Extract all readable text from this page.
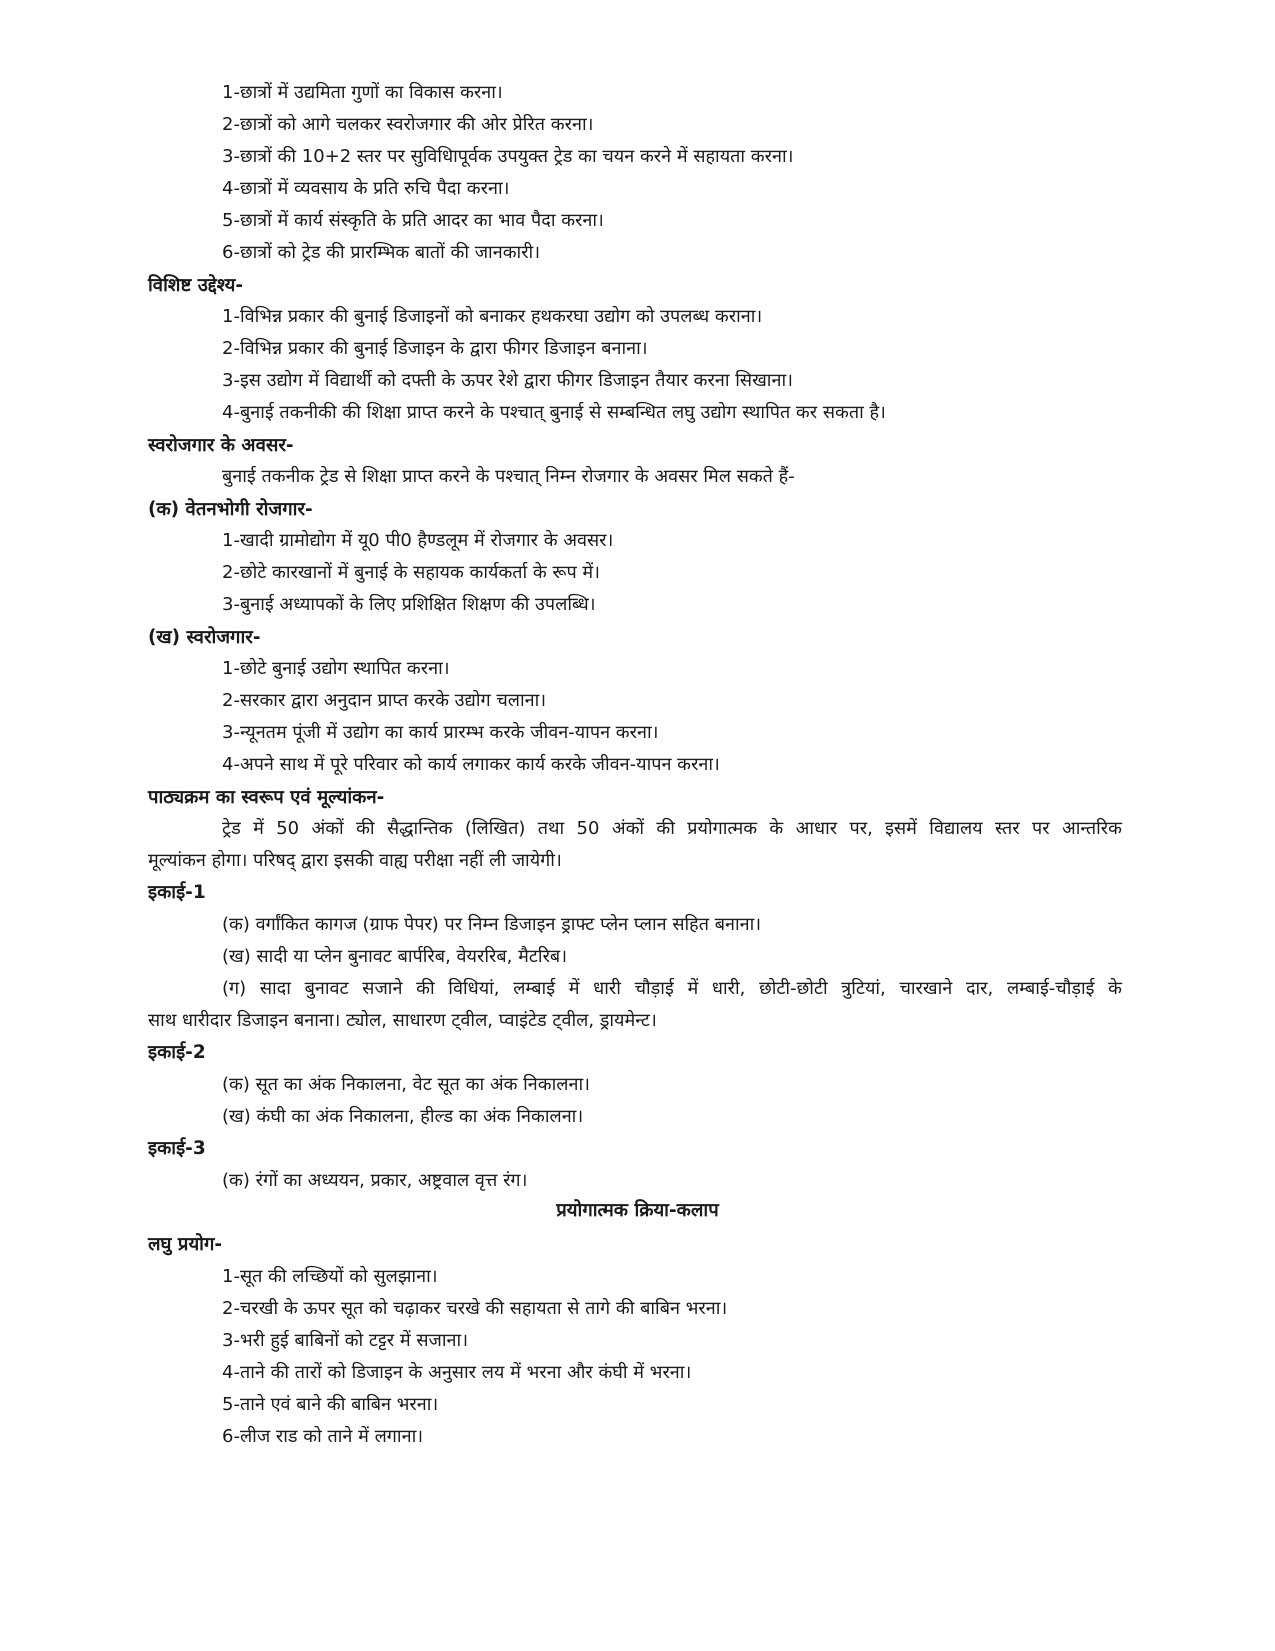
1-छात्रों में उद्यमिता गुणों का विकास करना।
2-छात्रों को आगे चलकर स्वरोजगार की ओर प्रेरित करना।
3-छात्रों की 10+2 स्तर पर सुविधिापूर्वक उपयुक्त ट्रेड का चयन करने में सहायता करना।
4-छात्रों में व्यवसाय के प्रति रुचि पैदा करना।
5-छात्रों में कार्य संस्कृति के प्रति आदर का भाव पैदा करना।
6-छात्रों को ट्रेड की प्रारम्भिक बातों की जानकारी।
विशिष्ट उद्देश्य-
1-विभिन्न प्रकार की बुनाई डिजाइनों को बनाकर हथकरघा उद्योग को उपलब्ध कराना।
2-विभिन्न प्रकार की बुनाई डिजाइन के द्वारा फीगर डिजाइन बनाना।
3-इस उद्योग में विद्यार्थी को दफ्ती के ऊपर रेशे द्वारा फीगर डिजाइन तैयार करना सिखाना।
4-बुनाई तकनीकी की शिक्षा प्राप्त करने के पश्चात् बुनाई से सम्बन्धित लघु उद्योग स्थापित कर सकता है।
स्वरोजगार के अवसर-
बुनाई तकनीक ट्रेड से शिक्षा प्राप्त करने के पश्चात् निम्न रोजगार के अवसर मिल सकते हैं-
(क) वेतनभोगी रोजगार-
1-खादी ग्रामोद्योग में यू0 पी0 हैण्डलूम में रोजगार के अवसर।
2-छोटे कारखानों में बुनाई के सहायक कार्यकर्ता के रूप में।
3-बुनाई अध्यापकों के लिए प्रशिक्षित शिक्षण की उपलब्धि।
(ख) स्वरोजगार-
1-छोटे बुनाई उद्योग स्थापित करना।
2-सरकार द्वारा अनुदान प्राप्त करके उद्योग चलाना।
3-न्यूनतम पूंजी में उद्योग का कार्य प्रारम्भ करके जीवन-यापन करना।
4-अपने साथ में पूरे परिवार को कार्य लगाकर कार्य करके जीवन-यापन करना।
पाठ्यक्रम का स्वरूप एवं मूल्यांकन-
ट्रेड में 50 अंकों की सैद्धान्तिक (लिखित) तथा 50 अंकों की प्रयोगात्मक के आधार पर, इसमें विद्यालय स्तर पर आन्तरिक
मूल्यांकन होगा। परिषद् द्वारा इसकी वाह्य परीक्षा नहीं ली जायेगी।
इकाई-1
(क) वर्गांकित कागज (ग्राफ पेपर) पर निम्न डिजाइन ड्राफ्ट प्लेन प्लान सहित बनाना।
(ख) सादी या प्लेन बुनावट बार्परिब, वेयररिब, मैटरिब।
(ग) सादा बुनावट सजाने की विधियां, लम्बाई में धारी चौड़ाई में धारी, छोटी-छोटी त्रुटियां, चारखाने दार, लम्बाई-चौड़ाई के
साथ धारीदार डिजाइन बनाना। ट्योल, साधारण ट्वील, प्वाइंटेड ट्वील, ड्रायमेन्ट।
इकाई-2
(क) सूत का अंक निकालना, वेट सूत का अंक निकालना।
(ख) कंघी का अंक निकालना, हील्ड का अंक निकालना।
इकाई-3
(क) रंगों का अध्ययन, प्रकार, अष्ट्रवाल वृत्त रंग।
प्रयोगात्मक क्रिया-कलाप
लघु प्रयोग-
1-सूत की लच्छियों को सुलझाना।
2-चरखी के ऊपर सूत को चढ़ाकर चरखे की सहायता से तागे की बाबिन भरना।
3-भरी हुई बाबिनों को टट्टर में सजाना।
4-ताने की तारों को डिजाइन के अनुसार लय में भरना और कंघी में भरना।
5-ताने एवं बाने की बाबिन भरना।
6-लीज राड को ताने में लगाना।
